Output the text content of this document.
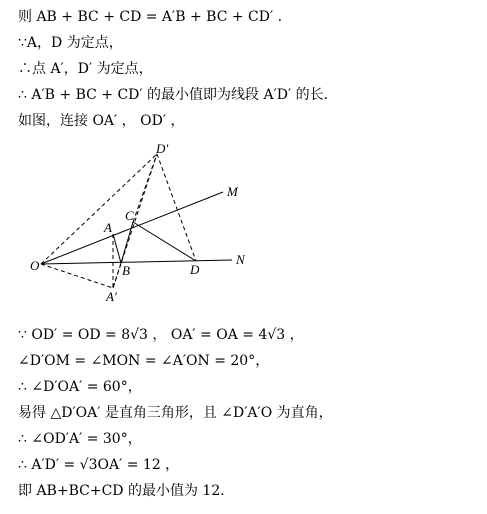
则 AB + BC + CD = A′B + BC + CD′ .
∵A，D 为定点，
∴点 A′，D′ 为定点，
∴ A′B + BC + CD′ 的最小值即为线段 A′D′ 的长.
如图，连接 OA′ ， OD′ ，
O
A
A′
B
C
D
D′
M
N
∵ OD′ = OD = 8√3 ， OA′ = OA = 4√3 ，
∠D′OM = ∠MON = ∠A′ON = 20°，
∴ ∠D′OA′ = 60°，
易得 △D′OA′ 是直角三角形，且 ∠D′A′O 为直角，
∴ ∠OD′A′ = 30°，
∴ A′D′ = √3OA′ = 12 ，
即 AB+BC+CD 的最小值为 12.
